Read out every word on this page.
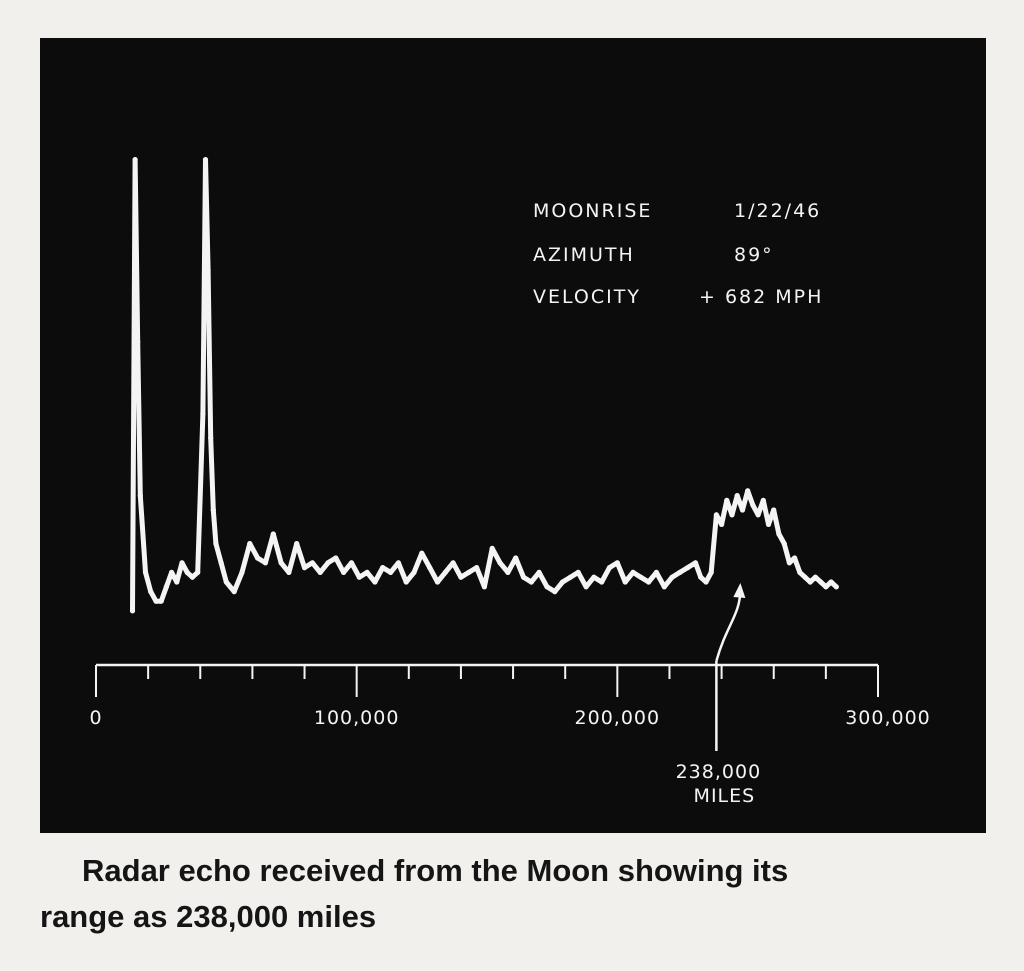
0	100,000	200,000	300,000
238,000
MILES
MOONRISE	1/22/46
AZIMUTH	89°
VELOCITY	+ 682 MPH
Radar echo received from the Moon showing its
range as 238,000 miles
